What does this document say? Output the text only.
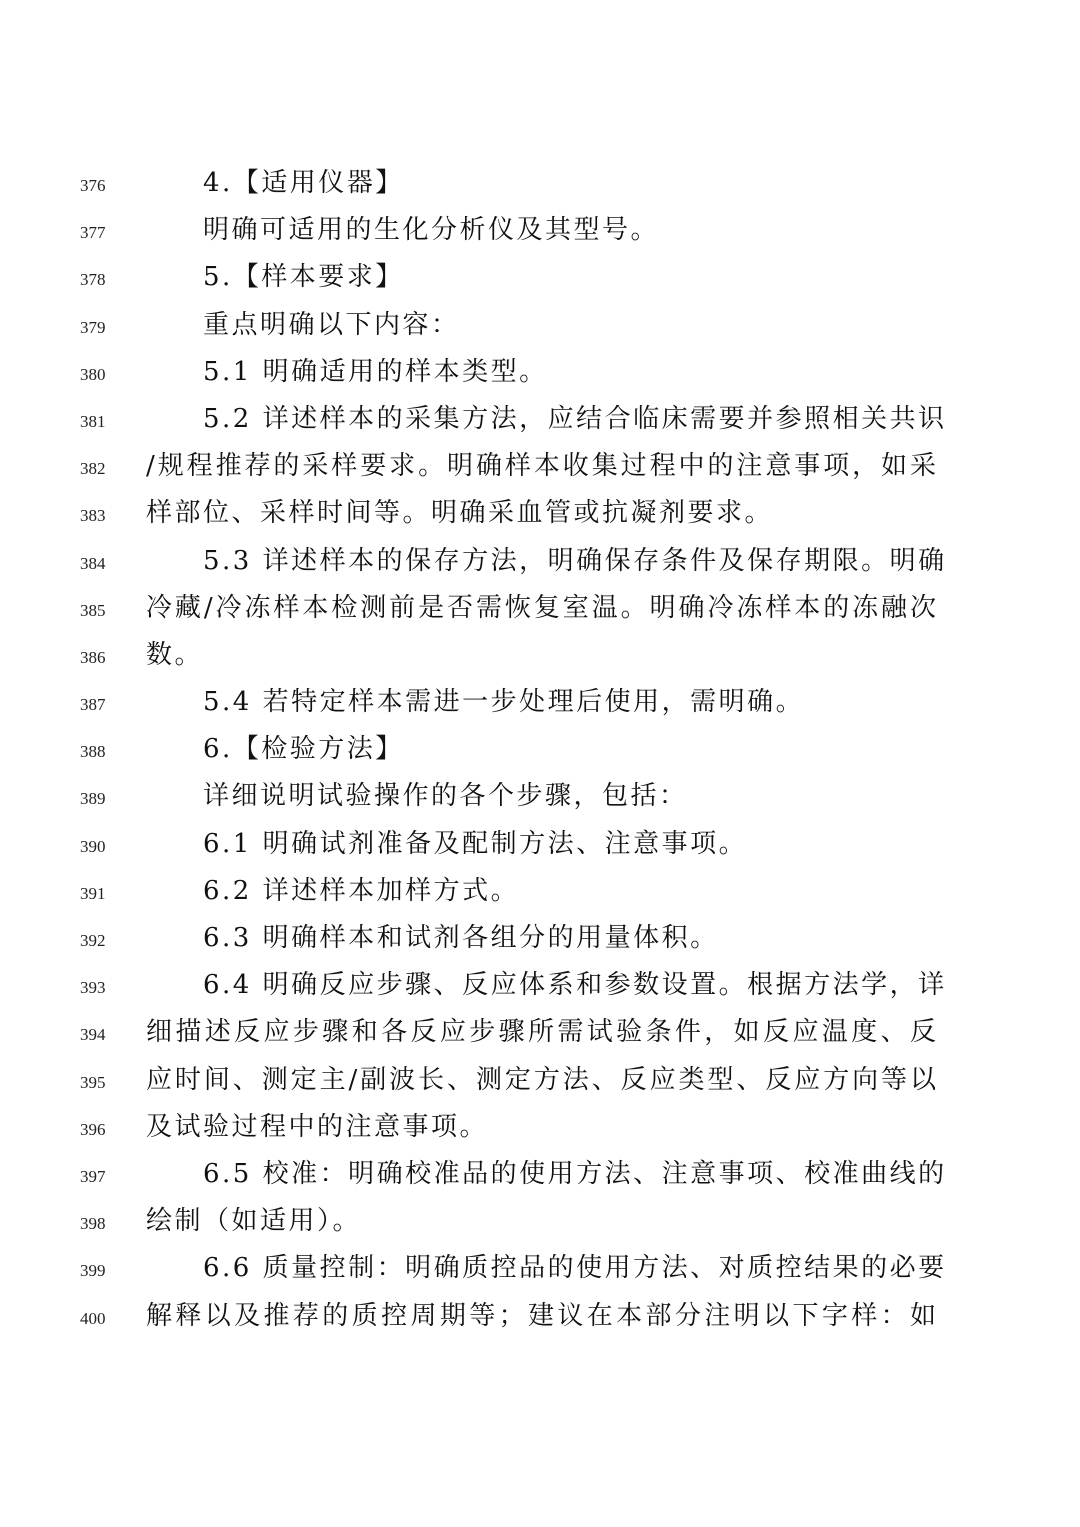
376	4.【适用仪器】
377	明确可适用的生化分析仪及其型号。
378	5.【样本要求】
379	重点明确以下内容：
380	5.1 明确适用的样本类型。
381	5.2 详述样本的采集方法，应结合临床需要并参照相关共识
382 /规程推荐的采样要求。明确样本收集过程中的注意事项，如采
383 样部位、采样时间等。明确采血管或抗凝剂要求。
384	5.3 详述样本的保存方法，明确保存条件及保存期限。明确
385 冷藏/冷冻样本检测前是否需恢复室温。明确冷冻样本的冻融次
386 数。
387	5.4 若特定样本需进一步处理后使用，需明确。
388	6.【检验方法】
389	详细说明试验操作的各个步骤，包括：
390	6.1 明确试剂准备及配制方法、注意事项。
391	6.2 详述样本加样方式。
392	6.3 明确样本和试剂各组分的用量体积。
393	6.4 明确反应步骤、反应体系和参数设置。根据方法学，详
394 细描述反应步骤和各反应步骤所需试验条件，如反应温度、反
395 应时间、测定主/副波长、测定方法、反应类型、反应方向等以
396 及试验过程中的注意事项。
397	6.5 校准：明确校准品的使用方法、注意事项、校准曲线的
398 绘制（如适用）。
399	6.6 质量控制：明确质控品的使用方法、对质控结果的必要
400 解释以及推荐的质控周期等；建议在本部分注明以下字样：如
